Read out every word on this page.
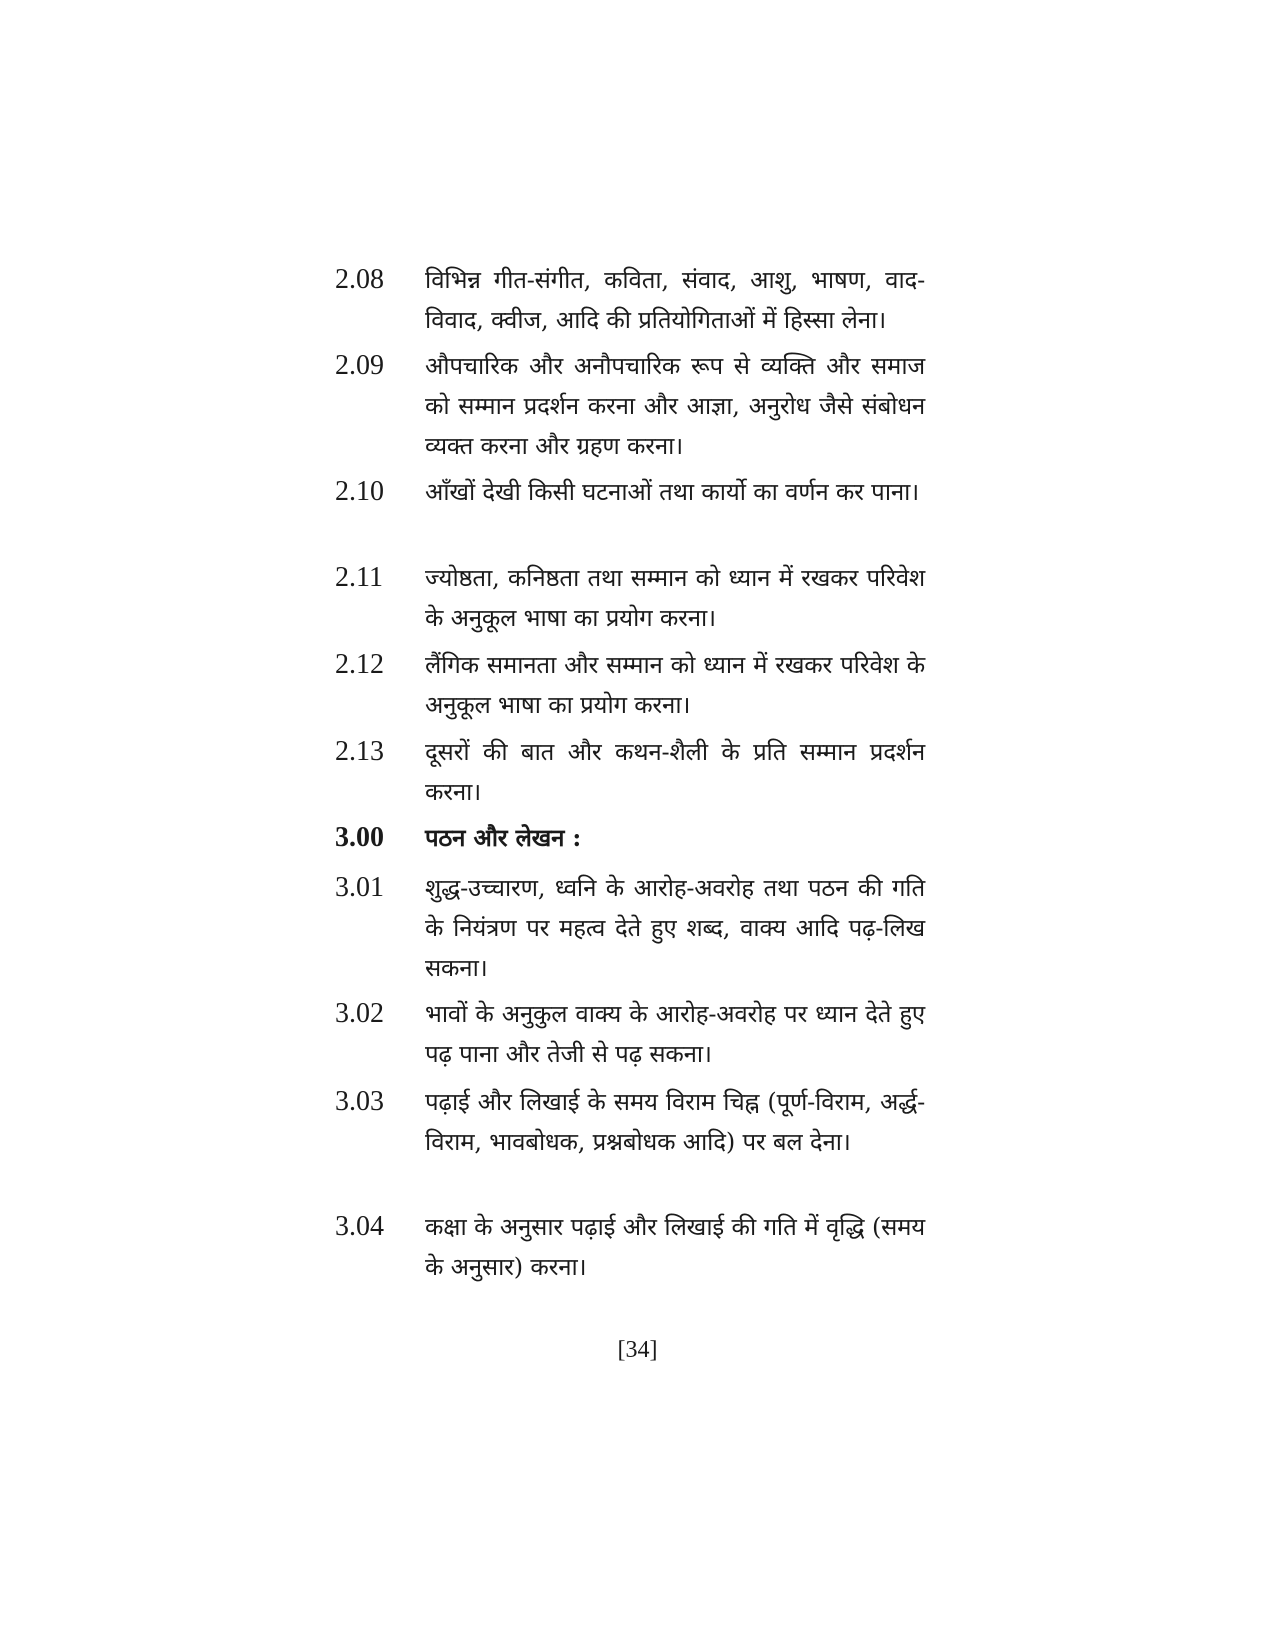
2.08	विभिन्न गीत-संगीत, कविता, संवाद, आशु, भाषण, वाद-विवाद, क्वीज, आदि की प्रतियोगिताओं में हिस्सा लेना।
2.09	औपचारिक और अनौपचारिक रूप से व्यक्ति और समाज को सम्मान प्रदर्शन करना और आज्ञा, अनुरोध जैसे संबोधन व्यक्त करना और ग्रहण करना।
2.10	आँखों देखी किसी घटनाओं तथा कार्यो का वर्णन कर पाना।
2.11	ज्योष्ठता, कनिष्ठता तथा सम्मान को ध्यान में रखकर परिवेश के अनुकूल भाषा का प्रयोग करना।
2.12	लैंगिक समानता और सम्मान को ध्यान में रखकर परिवेश के अनुकूल भाषा का प्रयोग करना।
2.13	दूसरों की बात और कथन-शैली के प्रति सम्मान प्रदर्शन करना।
3.00	पठन और लेखन :
3.01	शुद्ध-उच्चारण, ध्वनि के आरोह-अवरोह तथा पठन की गति के नियंत्रण पर महत्व देते हुए शब्द, वाक्य आदि पढ़-लिख सकना।
3.02	भावों के अनुकुल वाक्य के आरोह-अवरोह पर ध्यान देते हुए पढ़ पाना और तेजी से पढ़ सकना।
3.03	पढ़ाई और लिखाई के समय विराम चिह्न (पूर्ण-विराम, अर्द्ध-विराम, भावबोधक, प्रश्नबोधक आदि) पर बल देना।
3.04	कक्षा के अनुसार पढ़ाई और लिखाई की गति में वृद्धि (समय के अनुसार) करना।
[34]
